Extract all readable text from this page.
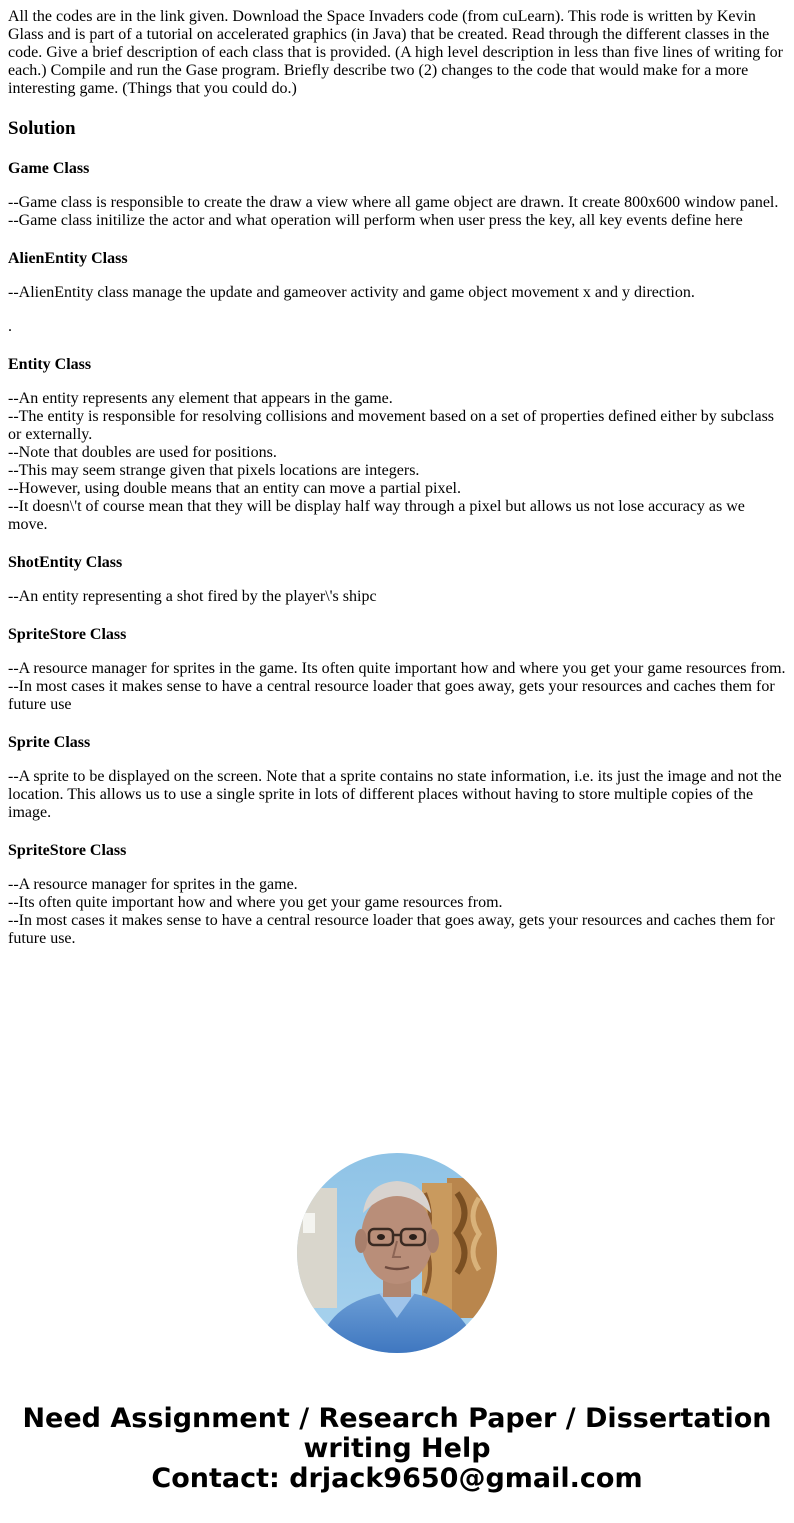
All the codes are in the link given. Download the Space Invaders code (from cuLearn). This rode is written by Kevin Glass and is part of a tutorial on accelerated graphics (in Java) that be created. Read through the different classes in the code. Give a brief description of each class that is provided. (A high level description in less than five lines of writing for each.) Compile and run the Gase program. Briefly describe two (2) changes to the code that would make for a more interesting game. (Things that you could do.)

Solution
Game Class
--Game class is responsible to create the draw a view where all game object are drawn. It create 800x600 window panel.
--Game class initilize the actor and what operation will perform when user press the key, all key events define here
AlienEntity Class
--AlienEntity class manage the update and gameover activity and game object movement x and y direction.
.
Entity Class
--An entity represents any element that appears in the game.
--The entity is responsible for resolving collisions and movement based on a set of properties defined either by subclass or externally.
--Note that doubles are used for positions.
--This may seem strange given that pixels locations are integers.
--However, using double means that an entity can move a partial pixel.
--It doesn\'t of course mean that they will be display half way through a pixel but allows us not lose accuracy as we move.
ShotEntity Class
--An entity representing a shot fired by the player\'s shipc
SpriteStore Class
--A resource manager for sprites in the game. Its often quite important how and where you get your game resources from.
--In most cases it makes sense to have a central resource loader that goes away, gets your resources and caches them for future use
Sprite Class
--A sprite to be displayed on the screen. Note that a sprite contains no state information, i.e. its just the image and not the location. This allows us to use a single sprite in lots of different places without having to store multiple copies of the image.
SpriteStore Class
--A resource manager for sprites in the game.
--Its often quite important how and where you get your game resources from.
--In most cases it makes sense to have a central resource loader that goes away, gets your resources and caches them for future use.
Need Assignment / Research Paper / Dissertation
writing Help
Contact: drjack9650@gmail.com
